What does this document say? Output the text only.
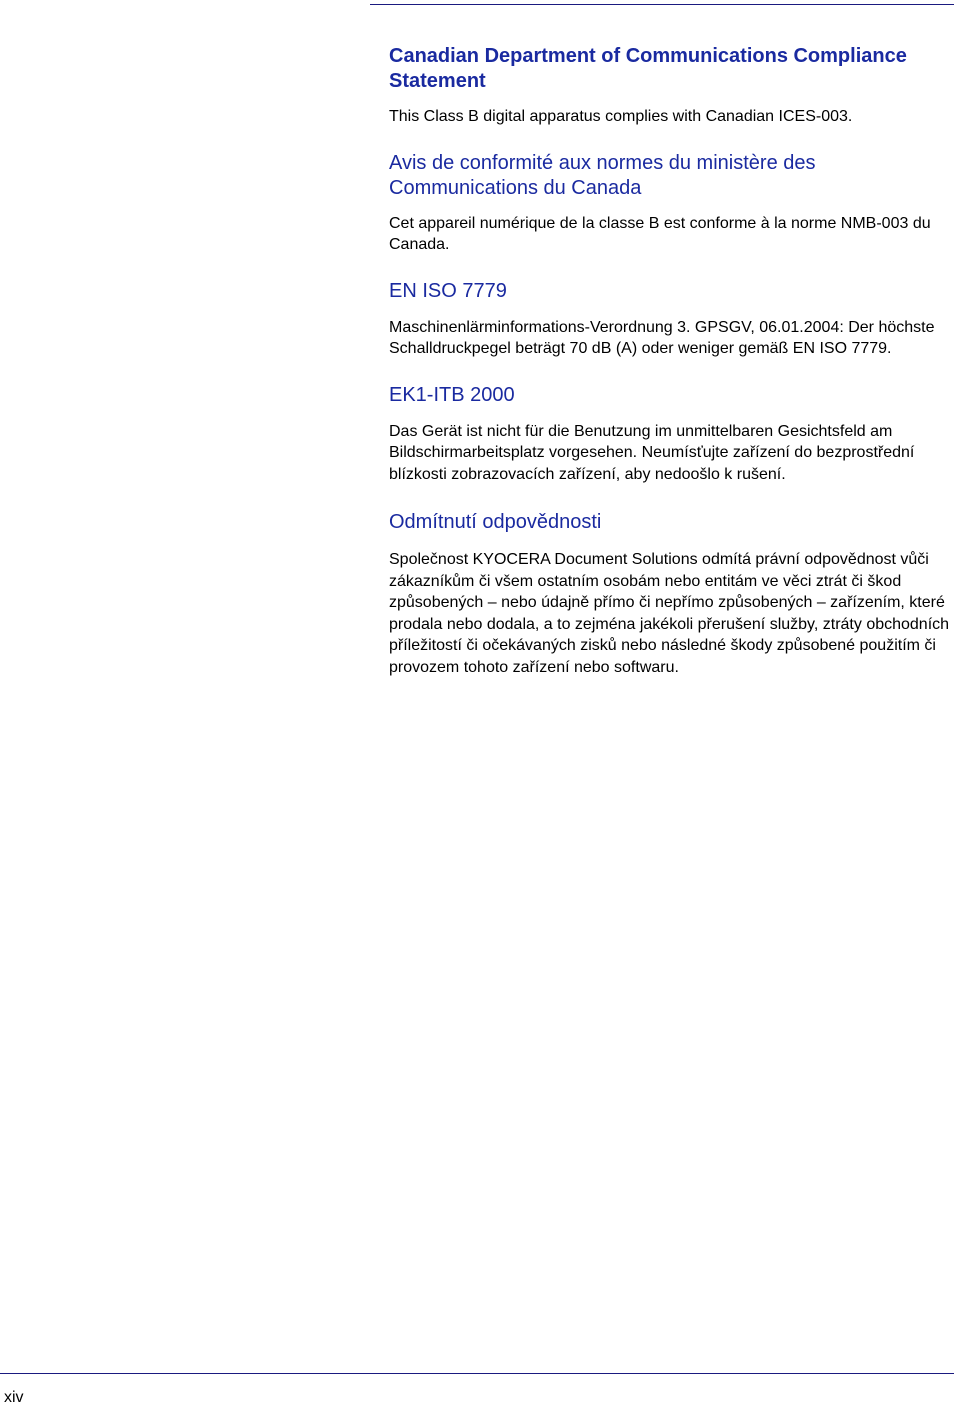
Canadian Department of Communications Compliance Statement

This Class B digital apparatus complies with Canadian ICES-003.

Avis de conformité aux normes du ministère des Communications du Canada

Cet appareil numérique de la classe B est conforme à la norme NMB-003 du Canada.

EN ISO 7779

Maschinenlärminformations-Verordnung 3. GPSGV, 06.01.2004: Der höchste Schalldruckpegel beträgt 70 dB (A) oder weniger gemäß EN ISO 7779.

EK1-ITB 2000

Das Gerät ist nicht für die Benutzung im unmittelbaren Gesichtsfeld am Bildschirmarbeitsplatz vorgesehen. Neumísťujte zařízení do bezprostřední blízkosti zobrazovacích zařízení, aby nedoošlo k rušení.

Odmítnutí odpovědnosti

Společnost KYOCERA Document Solutions odmítá právní odpovědnost vůči zákazníkům či všem ostatním osobám nebo entitám ve věci ztrát či škod způsobených – nebo údajně přímo či nepřímo způsobených – zařízením, které prodala nebo dodala, a to zejména jakékoli přerušení služby, ztráty obchodních příležitostí či očekávaných zisků nebo následné škody způsobené použitím či provozem tohoto zařízení nebo softwaru.

xiv
